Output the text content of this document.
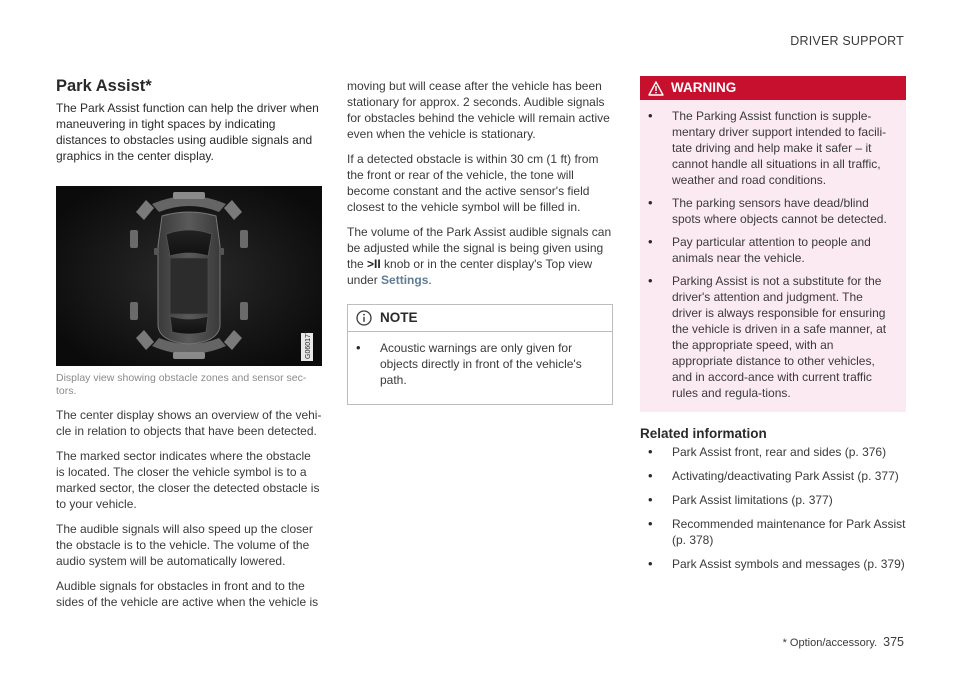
DRIVER SUPPORT
Park Assist*

The Park Assist function can help the driver when maneuvering in tight spaces by indicating distances to obstacles using audible signals and graphics in the center display.

G060177
Display view showing obstacle zones and sensor sec-tors.

The center display shows an overview of the vehi-cle in relation to objects that have been detected.

The marked sector indicates where the obstacle is located. The closer the vehicle symbol is to a marked sector, the closer the detected obstacle is to your vehicle.

The audible signals will also speed up the closer the obstacle is to the vehicle. The volume of the audio system will be automatically lowered.

Audible signals for obstacles in front and to the sides of the vehicle are active when the vehicle is

moving but will cease after the vehicle has been stationary for approx. 2 seconds. Audible signals for obstacles behind the vehicle will remain active even when the vehicle is stationary.

If a detected obstacle is within 30 cm (1 ft) from the front or rear of the vehicle, the tone will become constant and the active sensor's field closest to the vehicle symbol will be filled in.

The volume of the Park Assist audible signals can be adjusted while the signal is being given using the >II knob or in the center display's Top view under Settings.

NOTE
• Acoustic warnings are only given for objects directly in front of the vehicle's path.
WARNING
• The Parking Assist function is supple-mentary driver support intended to facili-tate driving and help make it safer – it cannot handle all situations in all traffic, weather and road conditions.
• The parking sensors have dead/blind spots where objects cannot be detected.
• Pay particular attention to people and animals near the vehicle.
• Parking Assist is not a substitute for the driver's attention and judgment. The driver is always responsible for ensuring the vehicle is driven in a safe manner, at the appropriate speed, with an appropriate distance to other vehicles, and in accord-ance with current traffic rules and regula-tions.
Related information
• Park Assist front, rear and sides (p. 376)
• Activating/deactivating Park Assist (p. 377)
• Park Assist limitations (p. 377)
• Recommended maintenance for Park Assist (p. 378)
• Park Assist symbols and messages (p. 379)
* Option/accessory. 375
